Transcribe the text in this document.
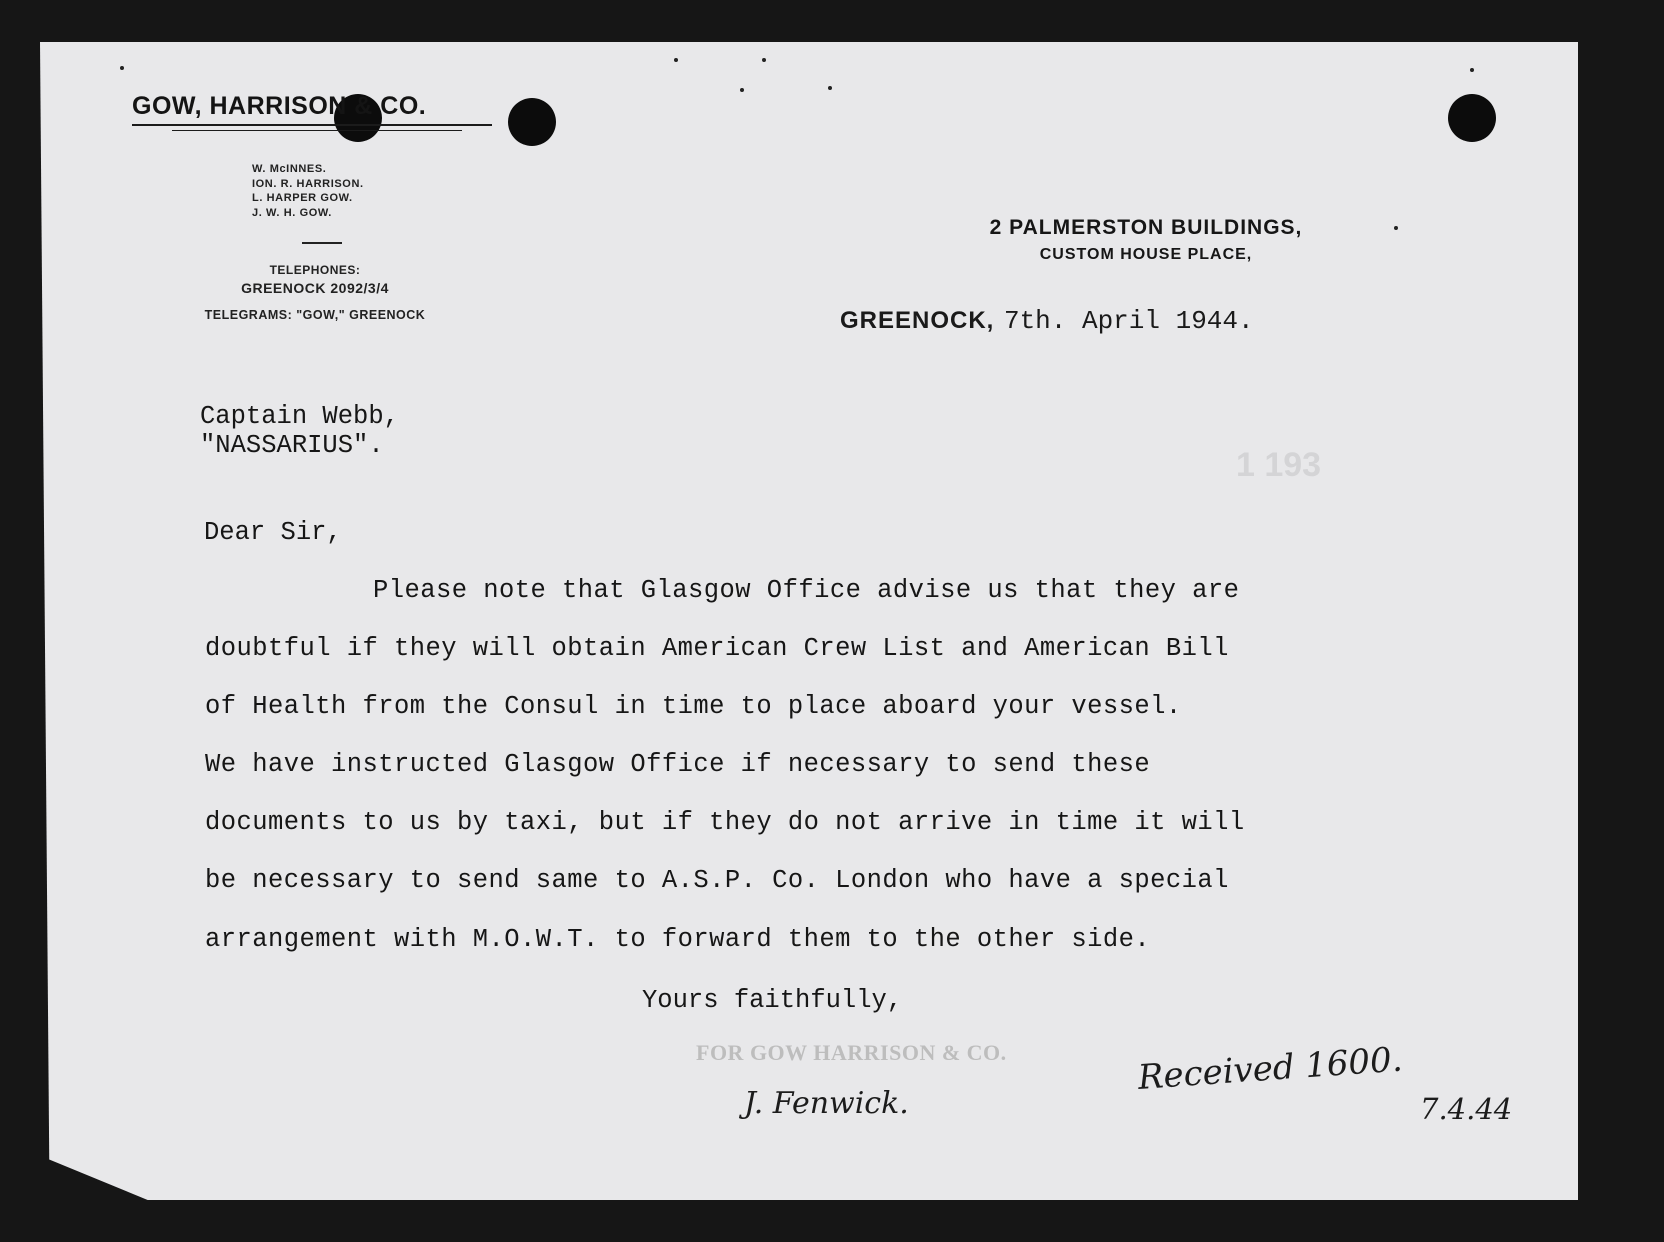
GOW, HARRISON & CO.
W. McINNES.
ION. R. HARRISON.
L. HARPER GOW.
J. W. H. GOW.
TELEPHONES:
GREENOCK 2092/3/4
TELEGRAMS: "GOW," GREENOCK
2 PALMERSTON BUILDINGS,
CUSTOM HOUSE PLACE,
GREENOCK, 7th. April 1944.
1 193
Captain Webb,
"NASSARIUS".
Dear Sir,
Please note that Glasgow Office advise us that they are
doubtful if they will obtain American Crew List and American Bill
of Health from the Consul in time to place aboard your vessel.
We have instructed Glasgow Office if necessary to send these
documents to us by taxi, but if they do not arrive in time it will
be necessary to send same to A.S.P. Co. London who have a special
arrangement with M.O.W.T. to forward them to the other side.
Yours faithfully,
FOR GOW HARRISON & CO.
J. Fenwick.
Received 1600.
7.4.44
